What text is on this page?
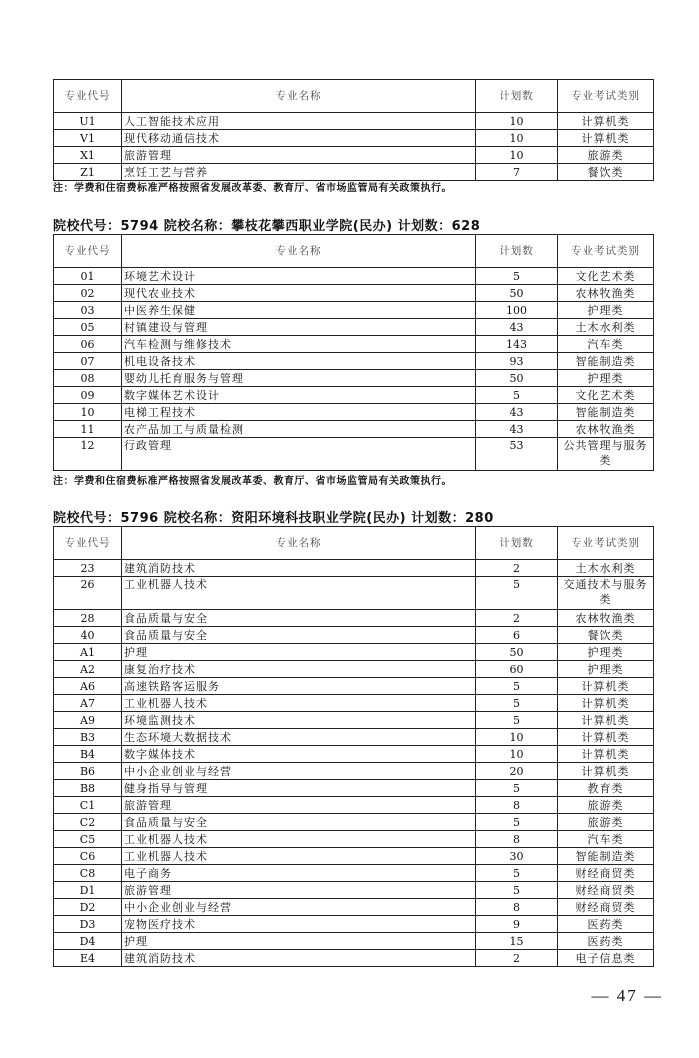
专业代号	专业名称	计划数	专业考试类别
U1	人工智能技术应用	10	计算机类
V1	现代移动通信技术	10	计算机类
X1	旅游管理	10	旅游类
Z1	烹饪工艺与营养	7	餐饮类
注：学费和住宿费标准严格按照省发展改革委、教育厅、省市场监管局有关政策执行。
院校代号：5794 院校名称：攀枝花攀西职业学院(民办) 计划数：628
专业代号	专业名称	计划数	专业考试类别
01	环境艺术设计	5	文化艺术类
02	现代农业技术	50	农林牧渔类
03	中医养生保健	100	护理类
05	村镇建设与管理	43	土木水利类
06	汽车检测与维修技术	143	汽车类
07	机电设备技术	93	智能制造类
08	婴幼儿托育服务与管理	50	护理类
09	数字媒体艺术设计	5	文化艺术类
10	电梯工程技术	43	智能制造类
11	农产品加工与质量检测	43	农林牧渔类
12	行政管理	53	公共管理与服务类
注：学费和住宿费标准严格按照省发展改革委、教育厅、省市场监管局有关政策执行。
院校代号：5796 院校名称：资阳环境科技职业学院(民办) 计划数：280
专业代号	专业名称	计划数	专业考试类别
23	建筑消防技术	2	土木水利类
26	工业机器人技术	5	交通技术与服务类
28	食品质量与安全	2	农林牧渔类
40	食品质量与安全	6	餐饮类
A1	护理	50	护理类
A2	康复治疗技术	60	护理类
A6	高速铁路客运服务	5	计算机类
A7	工业机器人技术	5	计算机类
A9	环境监测技术	5	计算机类
B3	生态环境大数据技术	10	计算机类
B4	数字媒体技术	10	计算机类
B6	中小企业创业与经营	20	计算机类
B8	健身指导与管理	5	教育类
C1	旅游管理	8	旅游类
C2	食品质量与安全	5	旅游类
C5	工业机器人技术	8	汽车类
C6	工业机器人技术	30	智能制造类
C8	电子商务	5	财经商贸类
D1	旅游管理	5	财经商贸类
D2	中小企业创业与经营	8	财经商贸类
D3	宠物医疗技术	9	医药类
D4	护理	15	医药类
E4	建筑消防技术	2	电子信息类
— 47 —
